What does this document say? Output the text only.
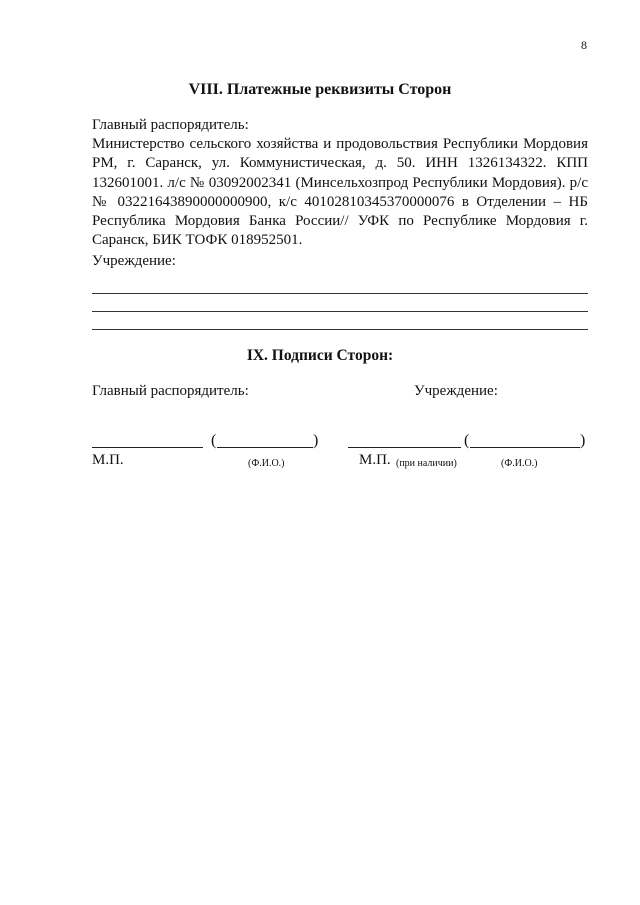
8
VIII. Платежные реквизиты Сторон
Главный распорядитель:
Министерство сельского хозяйства и продовольствия Республики Мордовия РМ, г. Саранск, ул. Коммунистическая, д. 50. ИНН 1326134322. КПП 132601001. л/с № 03092002341 (Минсельхозпрод Республики Мордовия). р/с № 03221643890000000900, к/с 40102810345370000076 в Отделении – НБ Республика Мордовия Банка России// УФК по Республике Мордовия г. Саранск, БИК ТОФК 018952501.
Учреждение:
IX. Подписи Сторон:
Главный распорядитель:	Учреждение:
(	)
М.П.	(Ф.И.О.)
(	)
М.П. (при наличии)	(Ф.И.О.)
